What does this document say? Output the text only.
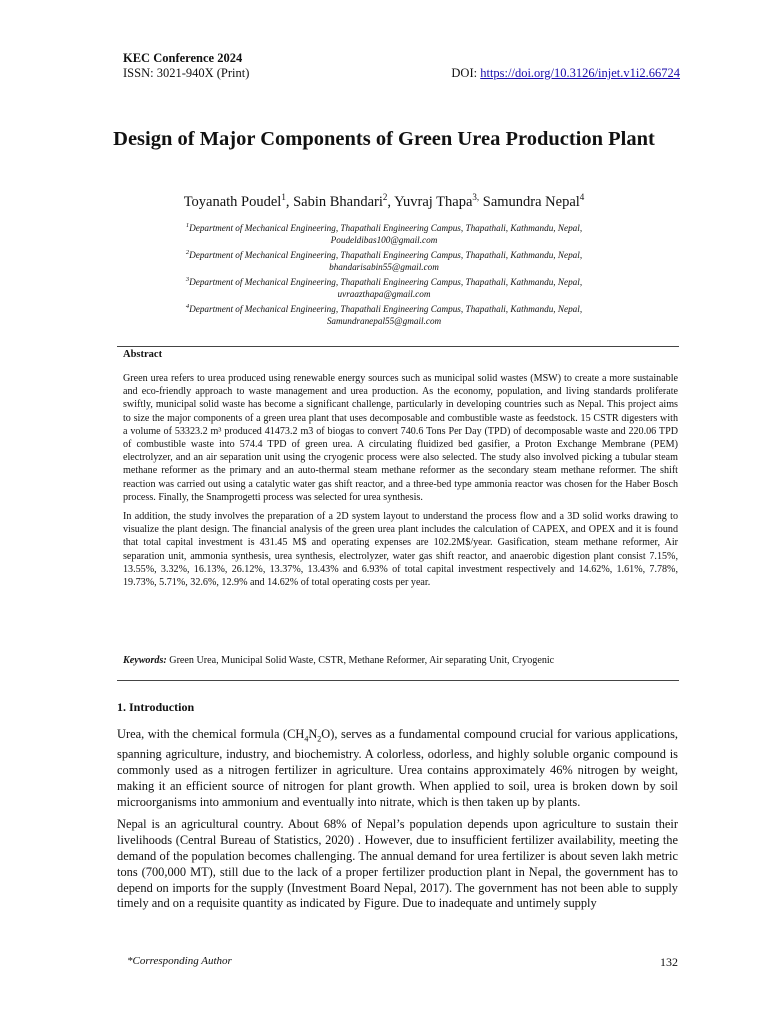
KEC Conference 2024
ISSN: 3021-940X (Print)	DOI: https://doi.org/10.3126/injet.v1i2.66724
Design of Major Components of Green Urea Production Plant
Toyanath Poudel$^1$, Sabin Bhandari$^2$, Yuvraj Thapa$^{3,}$ Samundra Nepal$^4$
$^1$Department of Mechanical Engineering, Thapathali Engineering Campus, Thapathali, Kathmandu, Nepal,
Poudeldibas100@gmail.com
$^2$Department of Mechanical Engineering, Thapathali Engineering Campus, Thapathali, Kathmandu, Nepal,
bhandarisabin55@gmail.com
$^3$Department of Mechanical Engineering, Thapathali Engineering Campus, Thapathali, Kathmandu, Nepal,
uvraazthapa@gmail.com
$^4$Department of Mechanical Engineering, Thapathali Engineering Campus, Thapathali, Kathmandu, Nepal,
Samundranepal55@gmail.com
Abstract

Green urea refers to urea produced using renewable energy sources such as municipal solid wastes (MSW) to create a more sustainable and eco-friendly approach to waste management and urea production. As the economy, population, and living standards proliferate swiftly, municipal solid waste has become a significant challenge, particularly in developing countries such as Nepal. This project aims to size the major components of a green urea plant that uses decomposable and combustible waste as feedstock. 15 CSTR digesters with a volume of 53323.2 m³ produced 41473.2 m3 of biogas to convert 740.6 Tons Per Day (TPD) of decomposable waste and 220.06 TPD of combustible waste into 574.4 TPD of green urea. A circulating fluidized bed gasifier, a Proton Exchange Membrane (PEM) electrolyzer, and an air separation unit using the cryogenic process were also selected. The study also involved picking a tubular steam methane reformer as the primary and an auto-thermal steam methane reformer as the secondary steam methane reformer. The shift reaction was carried out using a catalytic water gas shift reactor, and a three-bed type ammonia reactor was chosen for the Haber Bosch process. Finally, the Snamprogetti process was selected for urea synthesis.

In addition, the study involves the preparation of a 2D system layout to understand the process flow and a 3D solid works drawing to visualize the plant design. The financial analysis of the green urea plant includes the calculation of CAPEX, and OPEX and it is found that total capital investment is 431.45 M$ and operating expenses are 102.2M$/year. Gasification, steam methane reformer, Air separation unit, ammonia synthesis, urea synthesis, electrolyzer, water gas shift reactor, and anaerobic digestion plant consist 7.15%, 13.55%, 3.32%, 16.13%, 26.12%, 13.37%, 13.43% and 6.93% of total capital investment respectively and 14.62%, 1.61%, 7.78%, 19.73%, 5.71%, 32.6%, 12.9% and 14.62% of total operating costs per year.

Keywords: Green Urea, Municipal Solid Waste, CSTR, Methane Reformer, Air separating Unit, Cryogenic
1. Introduction

Urea, with the chemical formula $(CH_4N_2O)$, serves as a fundamental compound crucial for various applications, spanning agriculture, industry, and biochemistry. A colorless, odorless, and highly soluble organic compound is commonly used as a nitrogen fertilizer in agriculture. Urea contains approximately 46% nitrogen by weight, making it an efficient source of nitrogen for plant growth. When applied to soil, urea is broken down by soil microorganisms into ammonium and eventually into nitrate, which is then taken up by plants.

Nepal is an agricultural country. About 68% of Nepal’s population depends upon agriculture to sustain their livelihoods (Central Bureau of Statistics, 2020) . However, due to insufficient fertilizer availability, meeting the demand of the population becomes challenging. The annual demand for urea fertilizer is about seven lakh metric tons (700,000 MT), still due to the lack of a proper fertilizer production plant in Nepal, the government has to depend on imports for the supply (Investment Board Nepal, 2017). The government has not been able to supply timely and on a requisite quantity as indicated by Figure. Due to inadequate and untimely supply

*Corresponding Author	132
